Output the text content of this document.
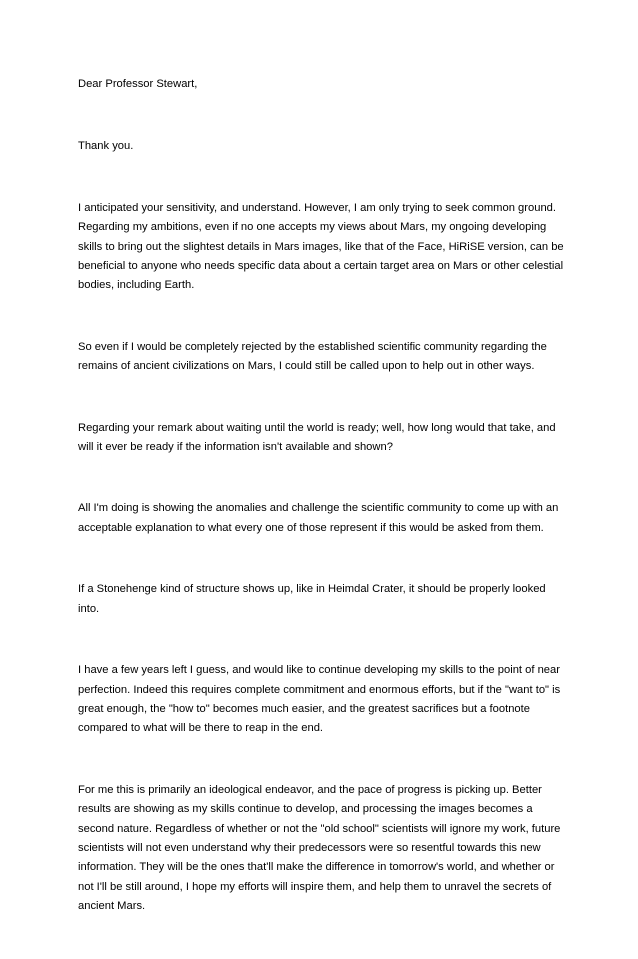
Dear Professor Stewart,

Thank you.

I anticipated your sensitivity, and understand. However, I am only trying to seek common ground. Regarding my ambitions, even if no one accepts my views about Mars, my ongoing developing skills to bring out the slightest details in Mars images, like that of the Face, HiRiSE version, can be beneficial to anyone who needs specific data about a certain target area on Mars or other celestial bodies, including Earth.

So even if I would be completely rejected by the established scientific community regarding the remains of ancient civilizations on Mars, I could still be called upon to help out in other ways.

Regarding your remark about waiting until the world is ready; well, how long would that take, and will it ever be ready if the information isn't available and shown?

All I'm doing is showing the anomalies and challenge the scientific community to come up with an acceptable explanation to what every one of those represent if this would be asked from them.

If a Stonehenge kind of structure shows up, like in Heimdal Crater, it should be properly looked into.

I have a few years left I guess, and would like to continue developing my skills to the point of near perfection. Indeed this requires complete commitment and enormous efforts, but if the "want to" is great enough, the "how to" becomes much easier, and the greatest sacrifices but a footnote compared to what will be there to reap in the end.

For me this is primarily an ideological endeavor, and the pace of progress is picking up. Better results are showing as my skills continue to develop, and processing the images becomes a second nature. Regardless of whether or not the "old school" scientists will ignore my work, future scientists will not even understand why their predecessors were so resentful towards this new information. They will be the ones that'll make the difference in tomorrow's world, and whether or not I'll be still around, I hope my efforts will inspire them, and help them to unravel the secrets of ancient Mars.
